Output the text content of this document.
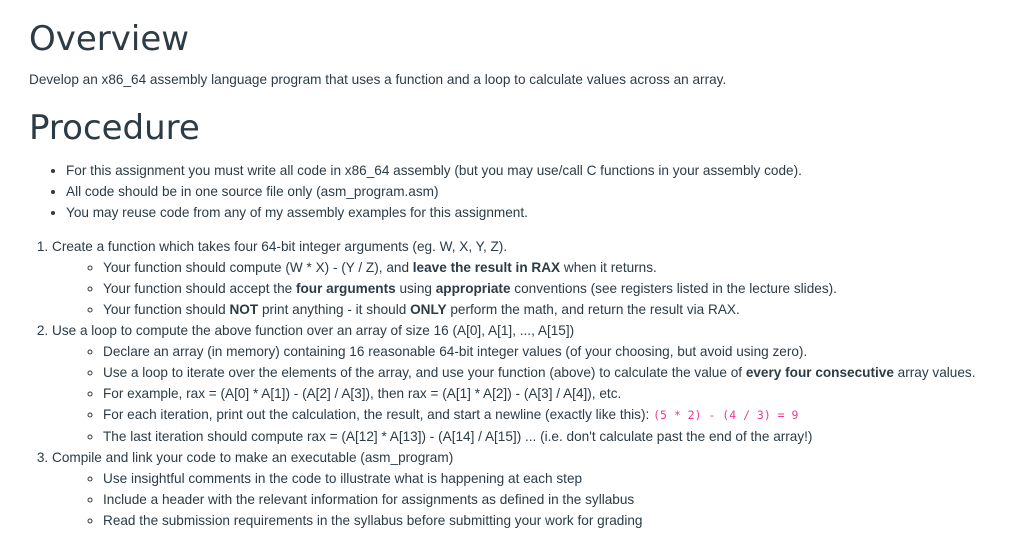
Overview

Develop an x86_64 assembly language program that uses a function and a loop to calculate values across an array.

Procedure
• For this assignment you must write all code in x86_64 assembly (but you may use/call C functions in your assembly code).
• All code should be in one source file only (asm_program.asm)
• You may reuse code from any of my assembly examples for this assignment.
1. Create a function which takes four 64-bit integer arguments (eg. W, X, Y, Z).
◦ Your function should compute (W * X) - (Y / Z), and leave the result in RAX when it returns.
◦ Your function should accept the four arguments using appropriate conventions (see registers listed in the lecture slides).
◦ Your function should NOT print anything - it should ONLY perform the math, and return the result via RAX.
2. Use a loop to compute the above function over an array of size 16 (A[0], A[1], ..., A[15])
◦ Declare an array (in memory) containing 16 reasonable 64-bit integer values (of your choosing, but avoid using zero).
◦ Use a loop to iterate over the elements of the array, and use your function (above) to calculate the value of every four consecutive array values.
◦ For example, rax = (A[0] * A[1]) - (A[2] / A[3]), then rax = (A[1] * A[2]) - (A[3] / A[4]), etc.
◦ For each iteration, print out the calculation, the result, and start a newline (exactly like this): (5 * 2) - (4 / 3) = 9
◦ The last iteration should compute rax = (A[12] * A[13]) - (A[14] / A[15]) ... (i.e. don't calculate past the end of the array!)
3. Compile and link your code to make an executable (asm_program)
◦ Use insightful comments in the code to illustrate what is happening at each step
◦ Include a header with the relevant information for assignments as defined in the syllabus
◦ Read the submission requirements in the syllabus before submitting your work for grading
